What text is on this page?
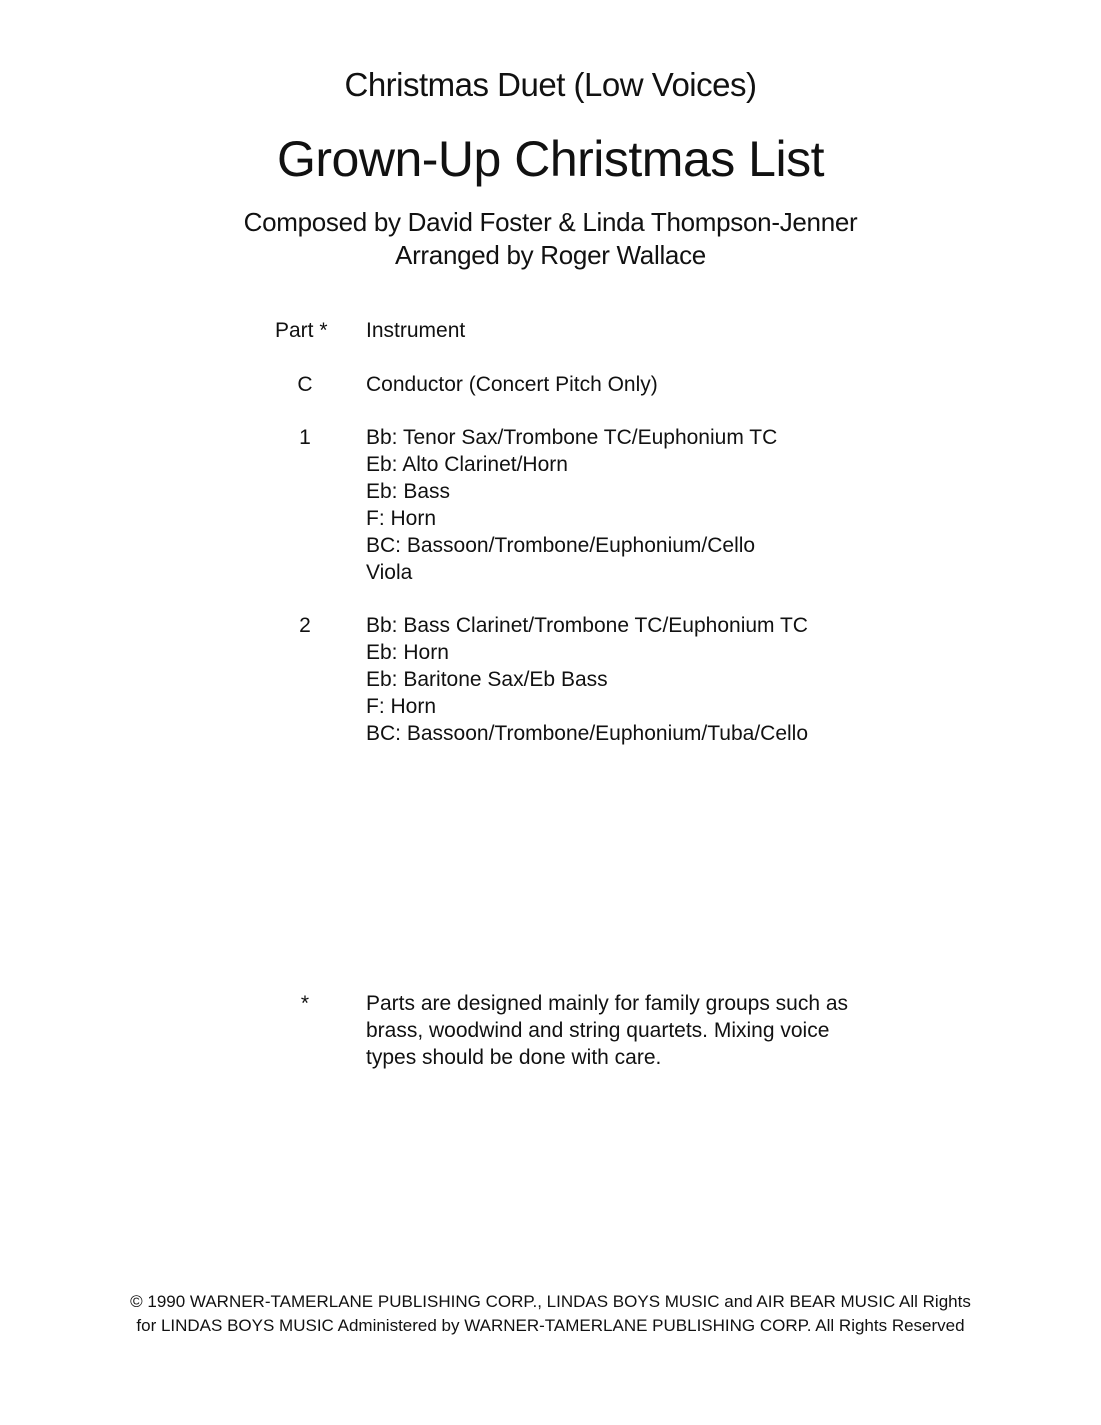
Christmas Duet (Low Voices)
Grown-Up Christmas List
Composed by David Foster & Linda Thompson-Jenner
Arranged by Roger Wallace
Part * Instrument
C	Conductor (Concert Pitch Only)
1	Bb: Tenor Sax/Trombone TC/Euphonium TC
Eb: Alto Clarinet/Horn
Eb: Bass
F: Horn
BC: Bassoon/Trombone/Euphonium/Cello
Viola
2	Bb: Bass Clarinet/Trombone TC/Euphonium TC
Eb: Horn
Eb: Baritone Sax/Eb Bass
F: Horn
BC: Bassoon/Trombone/Euphonium/Tuba/Cello
*	Parts are designed mainly for family groups such as
brass, woodwind and string quartets. Mixing voice
types should be done with care.
© 1990 WARNER-TAMERLANE PUBLISHING CORP., LINDAS BOYS MUSIC and AIR BEAR MUSIC All Rights
for LINDAS BOYS MUSIC Administered by WARNER-TAMERLANE PUBLISHING CORP. All Rights Reserved
